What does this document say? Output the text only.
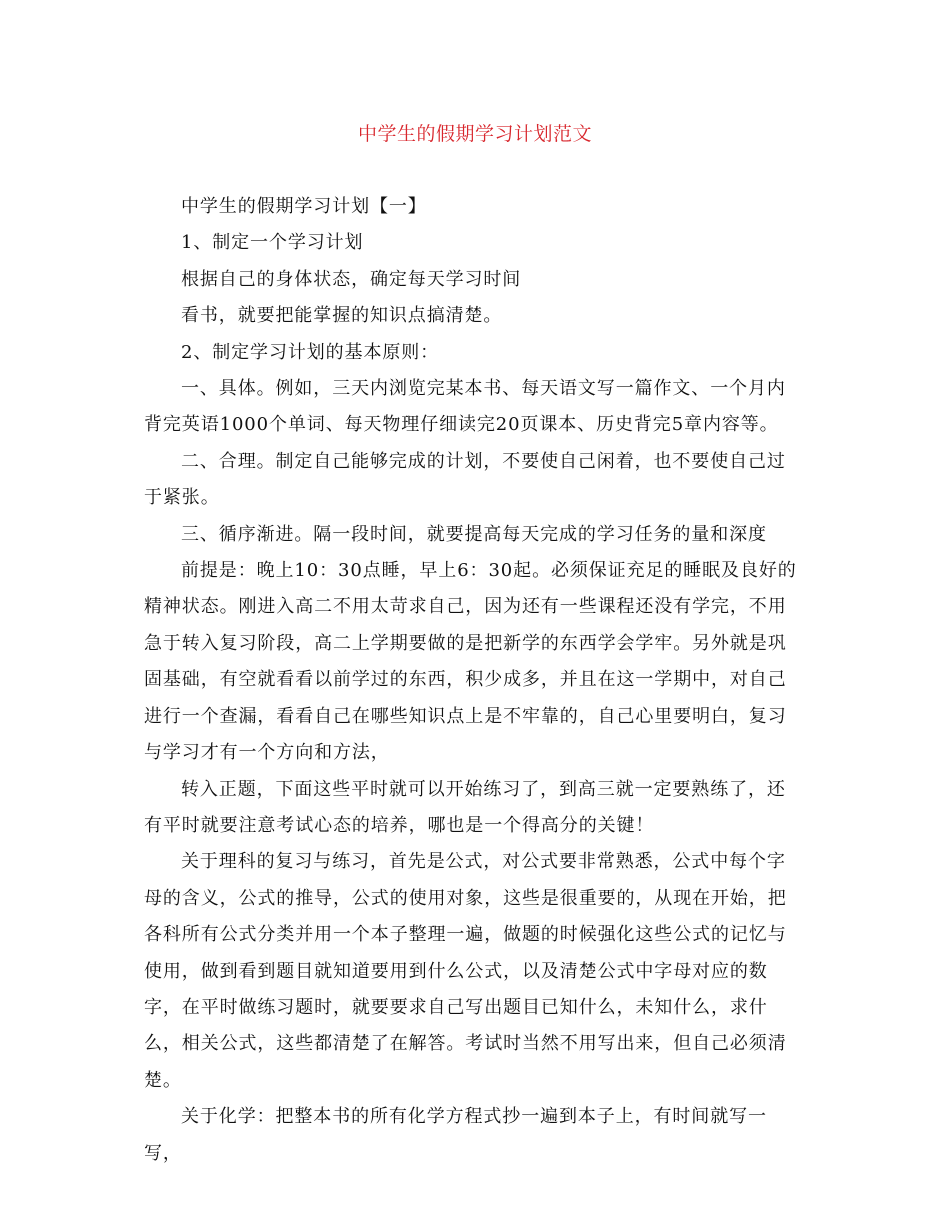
中学生的假期学习计划范文

中学生的假期学习计划【一】

1、制定一个学习计划

根据自己的身体状态，确定每天学习时间

看书，就要把能掌握的知识点搞清楚。

2、制定学习计划的基本原则：

一、具体。例如，三天内浏览完某本书、每天语文写一篇作文、一个月内背完英语1000个单词、每天物理仔细读完20页课本、历史背完5章内容等。

二、合理。制定自己能够完成的计划，不要使自己闲着，也不要使自己过于紧张。

三、循序渐进。隔一段时间，就要提高每天完成的学习任务的量和深度

前提是：晚上10：30点睡，早上6：30起。必须保证充足的睡眠及良好的精神状态。刚进入高二不用太苛求自己，因为还有一些课程还没有学完，不用急于转入复习阶段，高二上学期要做的是把新学的东西学会学牢。另外就是巩固基础，有空就看看以前学过的东西，积少成多，并且在这一学期中，对自己进行一个查漏，看看自己在哪些知识点上是不牢靠的，自己心里要明白，复习与学习才有一个方向和方法，

转入正题，下面这些平时就可以开始练习了，到高三就一定要熟练了，还有平时就要注意考试心态的培养，哪也是一个得高分的关键！

关于理科的复习与练习，首先是公式，对公式要非常熟悉，公式中每个字母的含义，公式的推导，公式的使用对象，这些是很重要的，从现在开始，把各科所有公式分类并用一个本子整理一遍，做题的时候强化这些公式的记忆与使用，做到看到题目就知道要用到什么公式，以及清楚公式中字母对应的数字，在平时做练习题时，就要要求自己写出题目已知什么，未知什么，求什么，相关公式，这些都清楚了在解答。考试时当然不用写出来，但自己必须清楚。

关于化学：把整本书的所有化学方程式抄一遍到本子上，有时间就写一写，
